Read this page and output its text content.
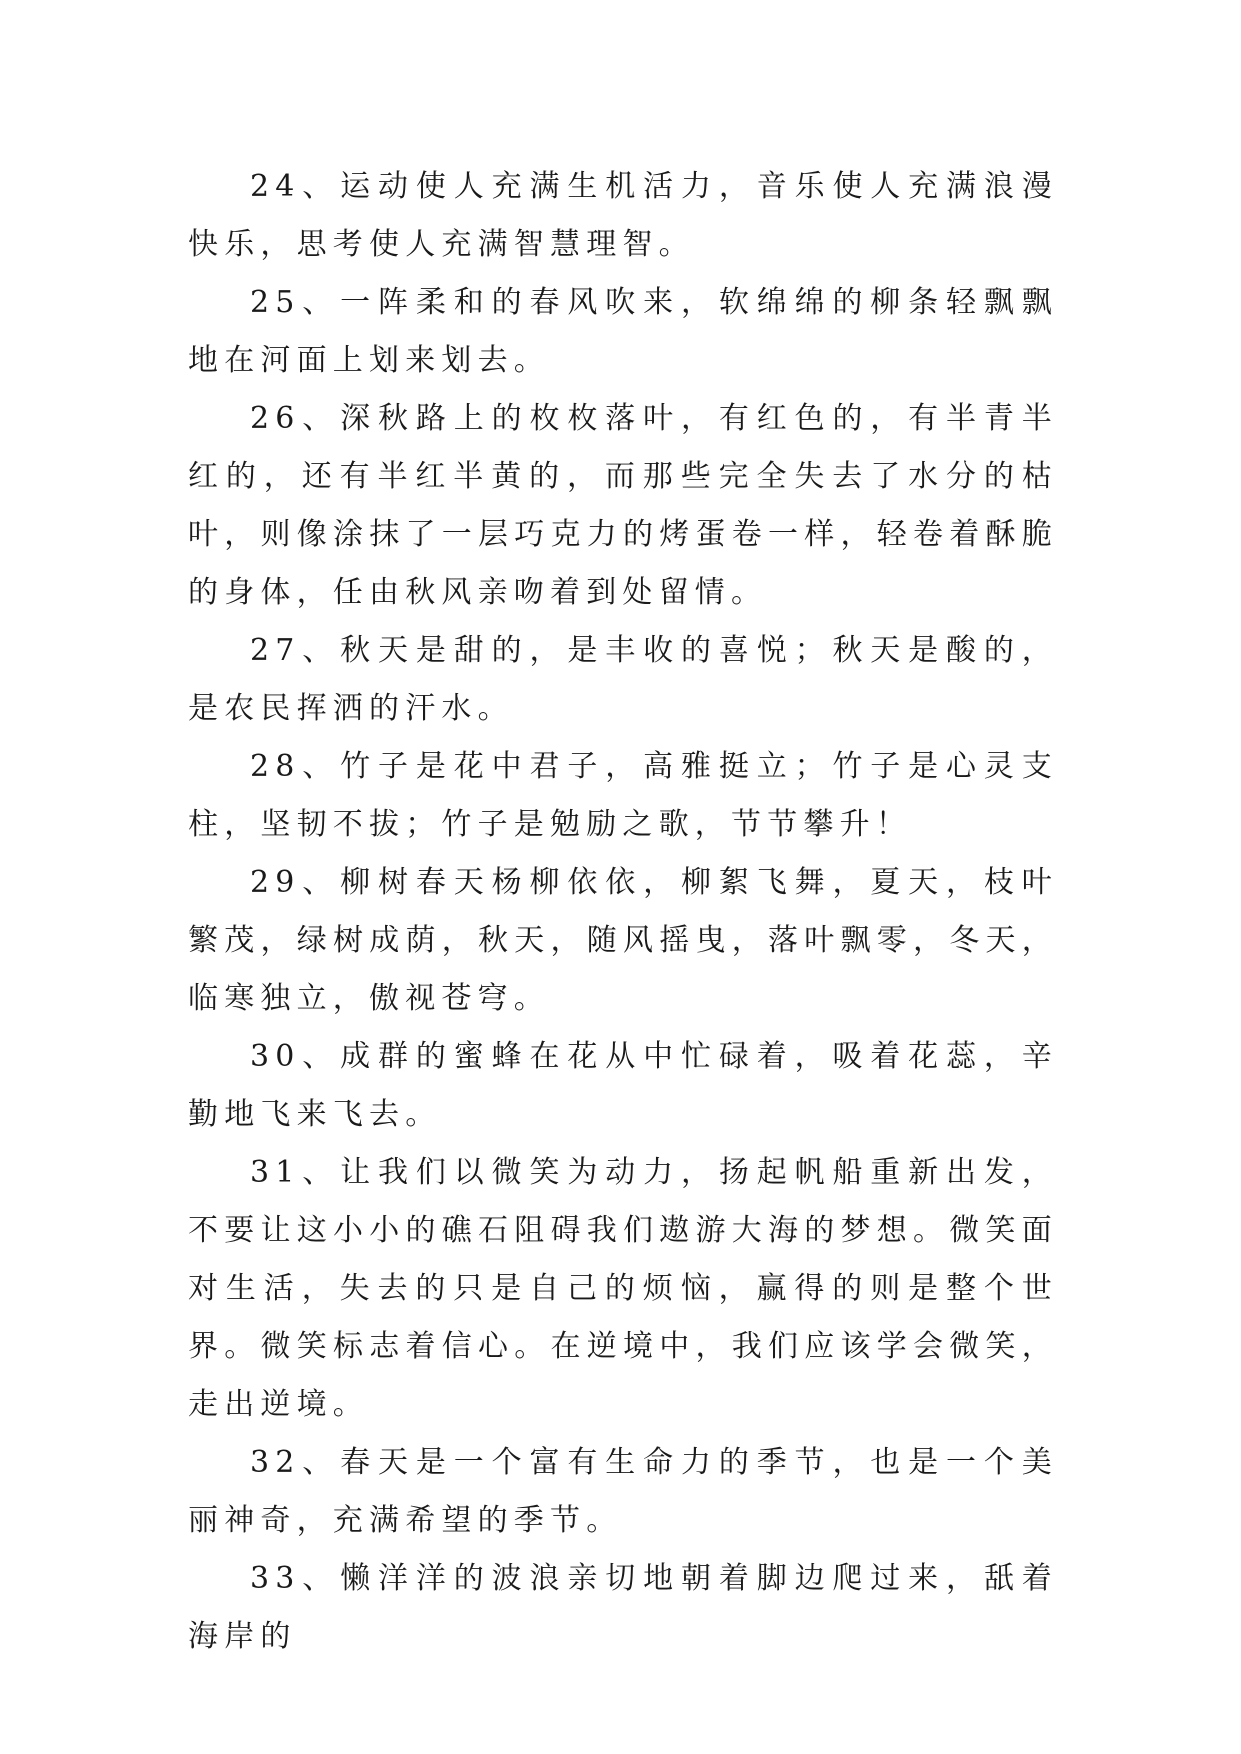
24、运动使人充满生机活力，音乐使人充满浪漫快乐，思考使人充满智慧理智。

25、一阵柔和的春风吹来，软绵绵的柳条轻飘飘地在河面上划来划去。

26、深秋路上的枚枚落叶，有红色的，有半青半红的，还有半红半黄的，而那些完全失去了水分的枯叶，则像涂抹了一层巧克力的烤蛋卷一样，轻卷着酥脆的身体，任由秋风亲吻着到处留情。

27、秋天是甜的，是丰收的喜悦；秋天是酸的，是农民挥洒的汗水。

28、竹子是花中君子，高雅挺立；竹子是心灵支柱，坚韧不拔；竹子是勉励之歌，节节攀升！

29、柳树春天杨柳依依，柳絮飞舞，夏天，枝叶繁茂，绿树成荫，秋天，随风摇曳，落叶飘零，冬天，临寒独立，傲视苍穹。

30、成群的蜜蜂在花从中忙碌着，吸着花蕊，辛勤地飞来飞去。

31、让我们以微笑为动力，扬起帆船重新出发，不要让这小小的礁石阻碍我们遨游大海的梦想。微笑面对生活，失去的只是自己的烦恼，赢得的则是整个世界。微笑标志着信心。在逆境中，我们应该学会微笑，走出逆境。

32、春天是一个富有生命力的季节，也是一个美丽神奇，充满希望的季节。

33、懒洋洋的波浪亲切地朝着脚边爬过来，舐着海岸的
